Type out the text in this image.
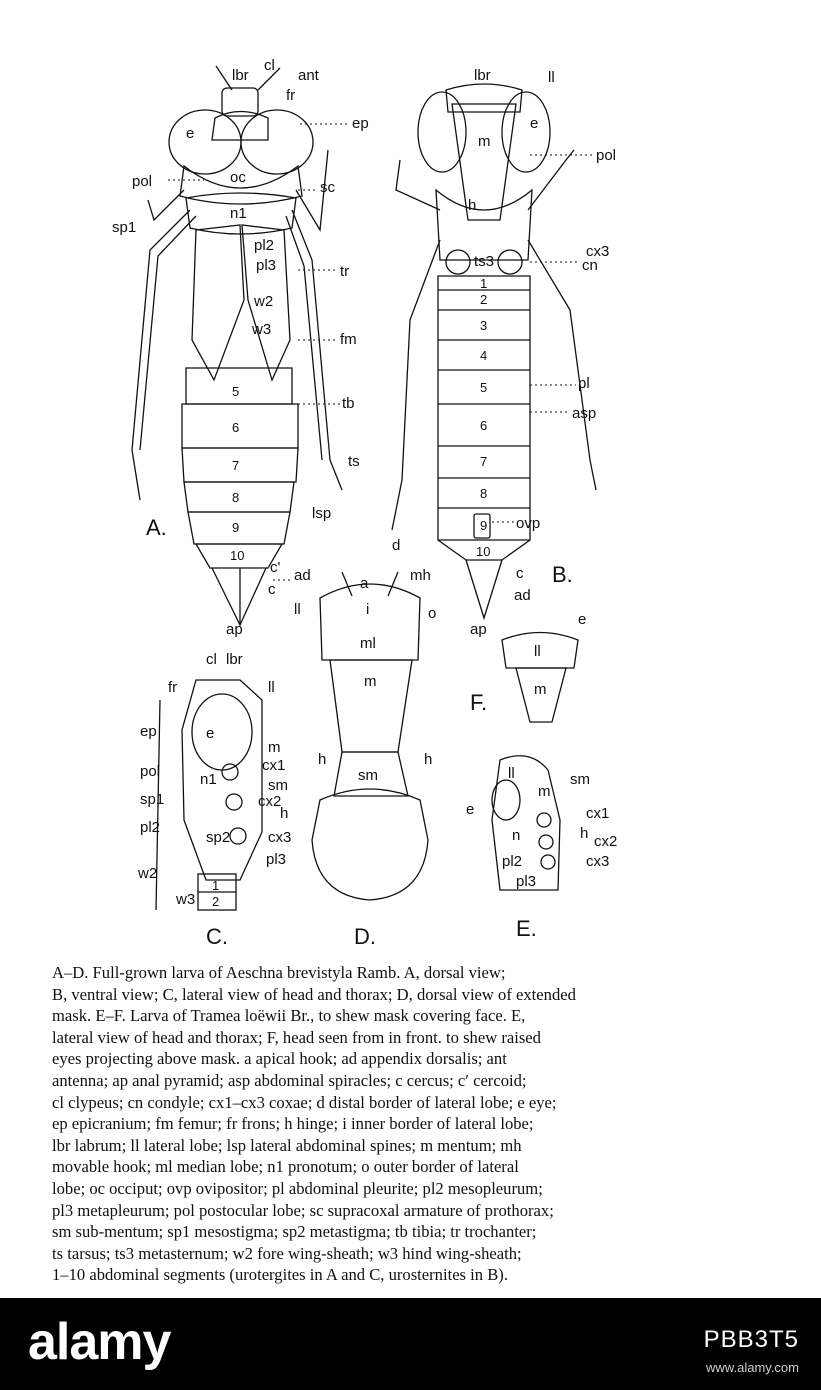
A.
B.
C.	D.	E.
F.
lbr
cl
ant
fr
e
ep
oc
pol	sc
n1
sp1
pl2
pl3	tr
w2
w3
fm
tb
ts
lsp
c' ad
c
ap
5
6
7
8
9
10
lbr	ll
e
m
pol
h
ts3
cx3
cn
pl
asp
ovp
c
ad
ap
1
2
3
4
5
6
7
8
9
10
cl lbr
fr	ll
ep	e
m
pol	n1
cx1
sm
sp1	cx2
pl2
h
sp2	cx3
pl3
w2
w3
1
2
d
a	mh
ll	i	o
ml
m
h	h
sm	ll	sm
m
e	cx1
n	h cx2
pl2	cx3
pl3
e
ll
m

A–D. Full-grown larva of Aeschna brevistyla Ramb. A, dorsal view;

B, ventral view; C, lateral view of head and thorax; D, dorsal view of extended

mask. E–F. Larva of Tramea loëwii Br., to shew mask covering face. E,

lateral view of head and thorax; F, head seen from in front. to shew raised

eyes projecting above mask. a apical hook; ad appendix dorsalis; ant

antenna; ap anal pyramid; asp abdominal spiracles; c cercus; c′ cercoid;

cl clypeus; cn condyle; cx1–cx3 coxae; d distal border of lateral lobe; e eye;

ep epicranium; fm femur; fr frons; h hinge; i inner border of lateral lobe;

lbr labrum; ll lateral lobe; lsp lateral abdominal spines; m mentum; mh

movable hook; ml median lobe; n1 pronotum; o outer border of lateral

lobe; oc occiput; ovp ovipositor; pl abdominal pleurite; pl2 mesopleurum;

pl3 metapleurum; pol postocular lobe; sc supracoxal armature of prothorax;

sm sub-mentum; sp1 mesostigma; sp2 metastigma; tb tibia; tr trochanter;

ts tarsus; ts3 metasternum; w2 fore wing-sheath; w3 hind wing-sheath;

1–10 abdominal segments (urotergites in A and C, urosternites in B).

alamy	PBB3T5
www.alamy.com
